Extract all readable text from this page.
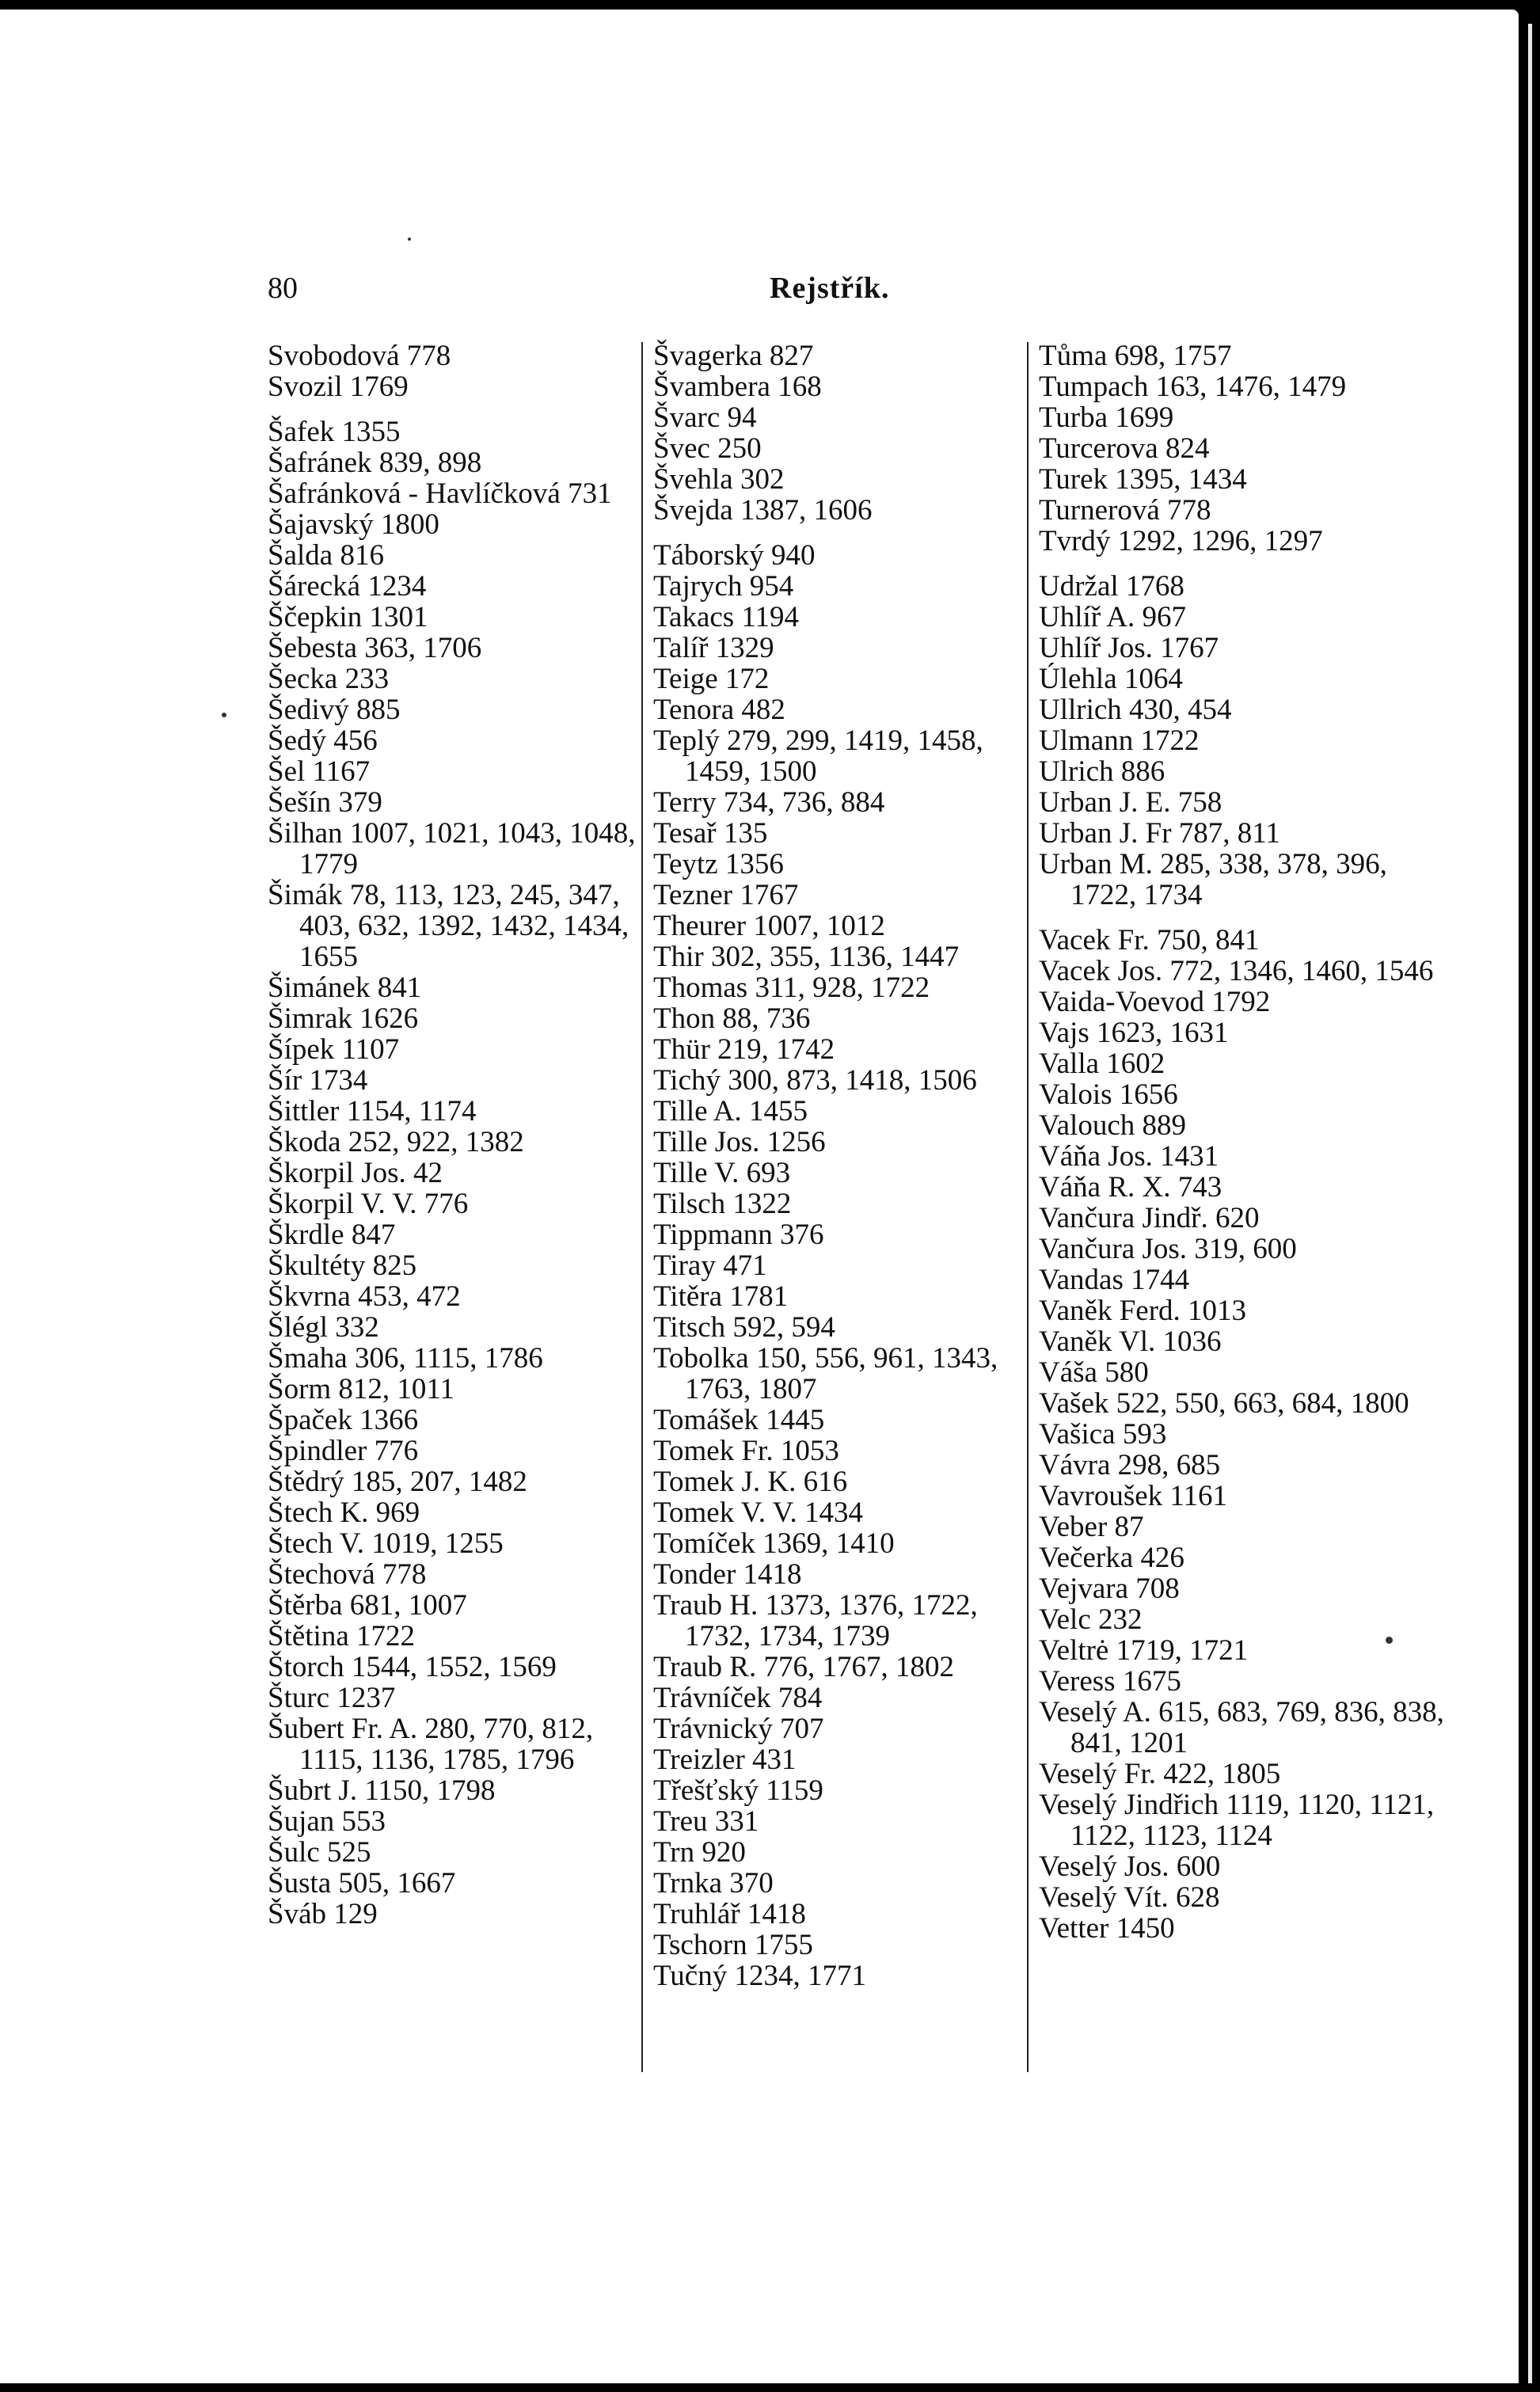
80	Rejstřík.
Svobodová 778
Svozil 1769
Šafek 1355
Šafránek 839, 898
Šafránková - Havlíčková 731
Šajavský 1800
Šalda 816
Šárecká 1234
Ščepkin 1301
Šebesta 363, 1706
Šecka 233
Šedivý 885
Šedý 456
Šel 1167
Šešín 379
Šilhan 1007, 1021, 1043, 1048, 1779
Šimák 78, 113, 123, 245, 347, 403, 632, 1392, 1432, 1434, 1655
Šimánek 841
Šimrak 1626
Šípek 1107
Šír 1734
Šittler 1154, 1174
Škoda 252, 922, 1382
Škorpil Jos. 42
Škorpil V. V. 776
Škrdle 847
Škultéty 825
Škvrna 453, 472
Šlégl 332
Šmaha 306, 1115, 1786
Šorm 812, 1011
Špaček 1366
Špindler 776
Štědrý 185, 207, 1482
Štech K. 969
Štech V. 1019, 1255
Štechová 778
Štěrba 681, 1007
Štětina 1722
Štorch 1544, 1552, 1569
Šturc 1237
Šubert Fr. A. 280, 770, 812, 1115, 1136, 1785, 1796
Šubrt J. 1150, 1798
Šujan 553
Šulc 525
Šusta 505, 1667
Šváb 129
Švagerka 827
Švambera 168
Švarc 94
Švec 250
Švehla 302
Švejda 1387, 1606
Táborský 940
Tajrych 954
Takacs 1194
Talíř 1329
Teige 172
Tenora 482
Teplý 279, 299, 1419, 1458, 1459, 1500
Terry 734, 736, 884
Tesař 135
Teytz 1356
Tezner 1767
Theurer 1007, 1012
Thir 302, 355, 1136, 1447
Thomas 311, 928, 1722
Thon 88, 736
Thür 219, 1742
Tichý 300, 873, 1418, 1506
Tille A. 1455
Tille Jos. 1256
Tille V. 693
Tilsch 1322
Tippmann 376
Tiray 471
Titěra 1781
Titsch 592, 594
Tobolka 150, 556, 961, 1343, 1763, 1807
Tomášek 1445
Tomek Fr. 1053
Tomek J. K. 616
Tomek V. V. 1434
Tomíček 1369, 1410
Tonder 1418
Traub H. 1373, 1376, 1722, 1732, 1734, 1739
Traub R. 776, 1767, 1802
Trávníček 784
Trávnický 707
Treizler 431
Třešťský 1159
Treu 331
Trn 920
Trnka 370
Truhlář 1418
Tschorn 1755
Tučný 1234, 1771
Tůma 698, 1757
Tumpach 163, 1476, 1479
Turba 1699
Turcerova 824
Turek 1395, 1434
Turnerová 778
Tvrdý 1292, 1296, 1297
Udržal 1768
Uhlíř A. 967
Uhlíř Jos. 1767
Úlehla 1064
Ullrich 430, 454
Ulmann 1722
Ulrich 886
Urban J. E. 758
Urban J. Fr 787, 811
Urban M. 285, 338, 378, 396, 1722, 1734
Vacek Fr. 750, 841
Vacek Jos. 772, 1346, 1460, 1546
Vaida-Voevod 1792
Vajs 1623, 1631
Valla 1602
Valois 1656
Valouch 889
Váňa Jos. 1431
Váňa R. X. 743
Vančura Jindř. 620
Vančura Jos. 319, 600
Vandas 1744
Vaněk Ferd. 1013
Vaněk Vl. 1036
Váša 580
Vašek 522, 550, 663, 684, 1800
Vašica 593
Vávra 298, 685
Vavroušek 1161
Veber 87
Večerka 426
Vejvara 708
Velc 232
Veltrė 1719, 1721
Veress 1675
Veselý A. 615, 683, 769, 836, 838, 841, 1201
Veselý Fr. 422, 1805
Veselý Jindřich 1119, 1120, 1121, 1122, 1123, 1124
Veselý Jos. 600
Veselý Vít. 628
Vetter 1450
